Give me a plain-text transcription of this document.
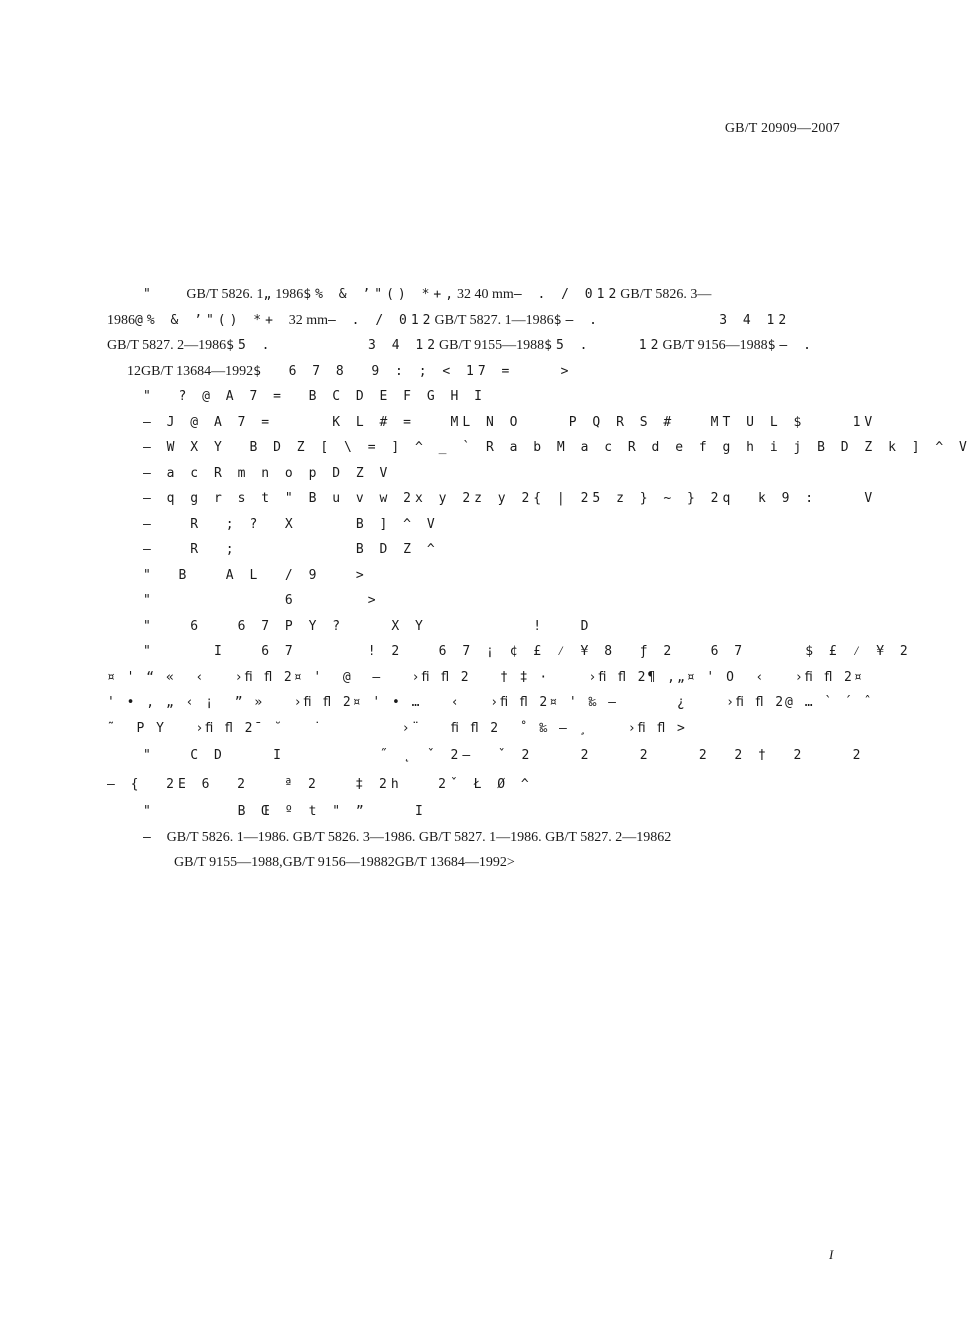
GB/T 20909—2007
"         GB/T 5826. 1„1986$% & ’"() *+,32 40 mm— . / 012GB/T 5826. 3—
1986@% & ’"() *+ 32 mm— . / 012GB/T 5827. 1—1986$— .          3 4 12
GB/T 5827. 2—1986$5 .        3 4 12GB/T 9155—1988$5 .    12GB/T 9156—1988$— .
12GB/T 13684—1992$  6 7 8  9 : ; < 17 =    >
"  ? @ A 7 =  B C D E F G H I
— J @ A 7 =     K L # =   ML N O    P Q R S #   MT U L $    1V
— W X Y  B D Z [ \ = ] ^ _ ` R a b M a c R d e f g h i j B D Z k ] ^ V
— a c R m n o p D Z V
— q g r s t " B u v w 2x y 2z y 2{ | 25 z } ~ } 2q  k 9 :    V
—   R  ; ?  X     B ] ^ V
—   R  ;          B D Z ^
"  B   A L  / 9   >
"           6      >
"   6   6 7 P Y ?    X Y         !   D
"     I   6 7      ! 2   6 7 ¡ ¢ £ ⁄ ¥ 8  ƒ 2   6 7     $ £ ⁄ ¥ 2
¤ ' “ «  ‹   ›ﬁ ﬂ 2¤ '  @  –   ›ﬁ ﬂ 2   † ‡ ·    ›ﬁ ﬂ 2¶ ‚„¤ ' O  ‹   ›ﬁ ﬂ 2¤
' • ‚ „ ‹ ¡  ” »   ›ﬁ ﬂ 2¤ ' • …   ‹   ›ﬁ ﬂ 2¤ ' ‰ —      ¿    ›ﬁ ﬂ 2@ … ` ´ ˆ
˜  P Y   ›ﬁ ﬂ 2ˉ ˘   ˙        ›¨   ﬁ ﬂ 2  ˚ ‰ — ¸    ›ﬁ ﬂ >
"   C D    I        ˝ ˛ ˇ 2—  ˇ 2    2    2    2  2 †  2    2
— {  2E 6  2   ª 2   ‡ 2h   2ˇ Ł Ø ^
"       B Œ º t " ”    I
— GB/T 5826. 1—1986. GB/T 5826. 3—1986. GB/T 5827. 1—1986. GB/T 5827. 2—19862
GB/T 9155—1988,GB/T 9156—19882GB/T 13684—1992>
I
